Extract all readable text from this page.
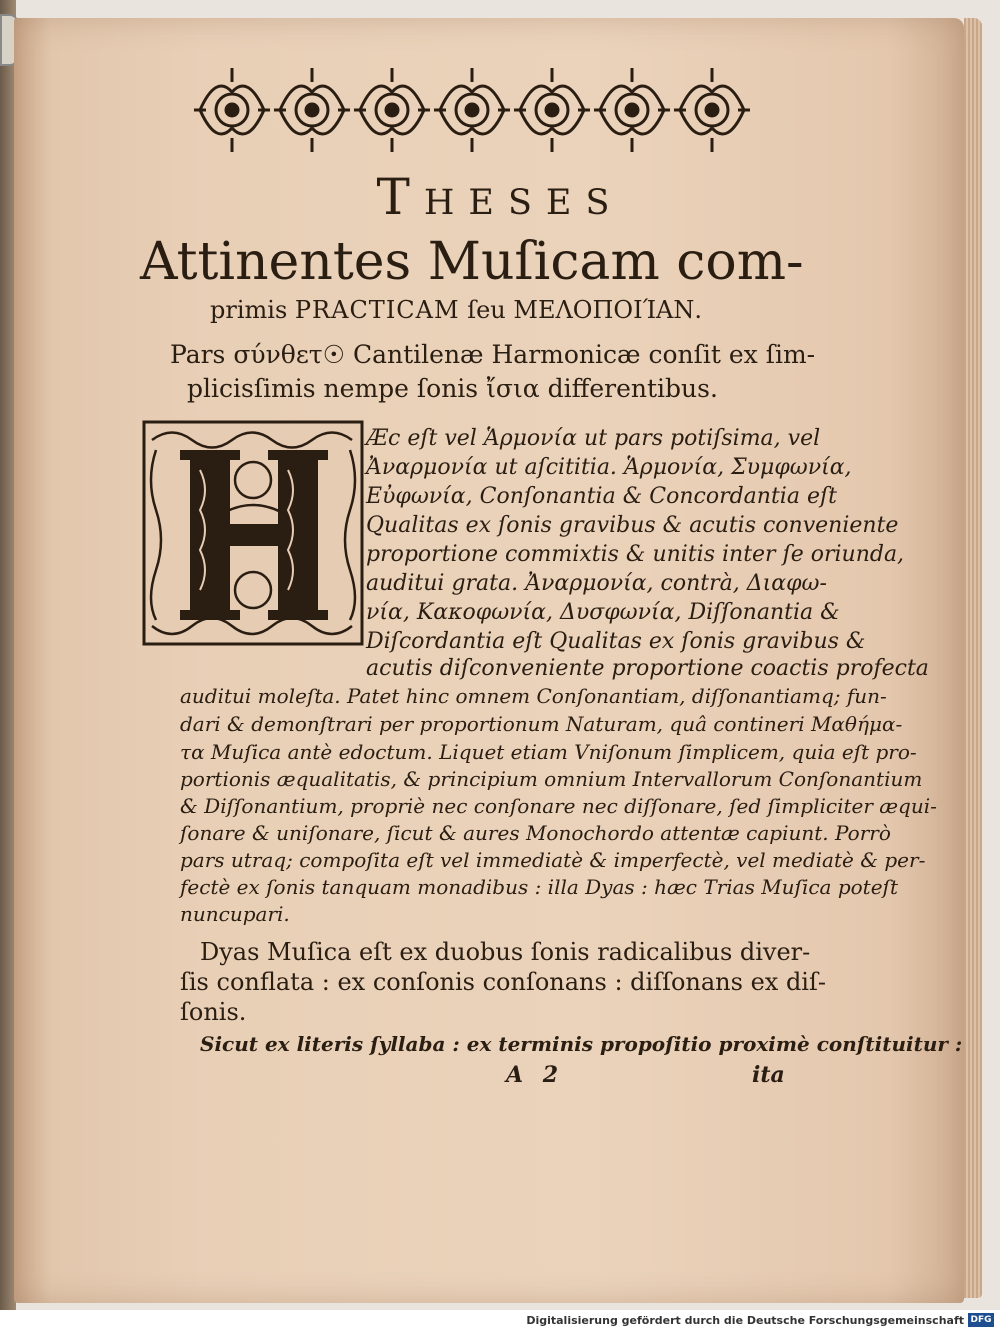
Theses
Attinentes Muſicam com-
primis PRACTICAM ſeu ΜΕΛΟΠΟΙΊΑΝ.
Pars σύνθετ☉ Cantilenæ Harmonicæ conſit ex ſim-
plicisſimis nempe ſonis ἴσια differentibus.
Æc eſt vel Ἁρμονία ut pars potiſsima, vel
Ἀναρμονία ut aſcititia. Ἁρμονία, Συμφωνία,
Εὐφωνία, Conſonantia & Concordantia eſt
Qualitas ex ſonis gravibus & acutis conveniente
proportione commixtis & unitis inter ſe oriunda,
auditui grata. Ἀναρμονία, contrà, Διαφω-
νία, Κακοφωνία, Δυσφωνία, Diſſonantia &
Diſcordantia eſt Qualitas ex ſonis gravibus &
acutis diſconveniente proportione coactis profecta
auditui moleſta. Patet hinc omnem Conſonantiam, diſſonantiamq; fun-
dari & demonſtrari per proportionum Naturam, quâ contineri Μαθήμα-
τα Muſica antè edoctum. Liquet etiam Vniſonum ſimplicem, quia eſt pro-
portionis æqualitatis, & principium omnium Intervallorum Conſonantium
& Diſſonantium, propriè nec conſonare nec diſſonare, ſed ſimpliciter æqui-
ſonare & uniſonare, ſicut & aures Monochordo attentæ capiunt. Porrò
pars utraq; compoſita eſt vel immediatè & imperfectè, vel mediatè & per-
fectè ex ſonis tanquam monadibus : illa Dyas : hæc Trias Muſica poteſt
nuncupari.
Dyas Muſica eſt ex duobus ſonis radicalibus diver-
ſis conflata : ex conſonis conſonans : diſſonans ex diſ-
ſonis.
Sicut ex literis ſyllaba : ex terminis propoſitio proximè conſtituitur :
A 2	ita
Digitalisierung gefördert durch die Deutsche Forschungsgemeinschaft DFG
